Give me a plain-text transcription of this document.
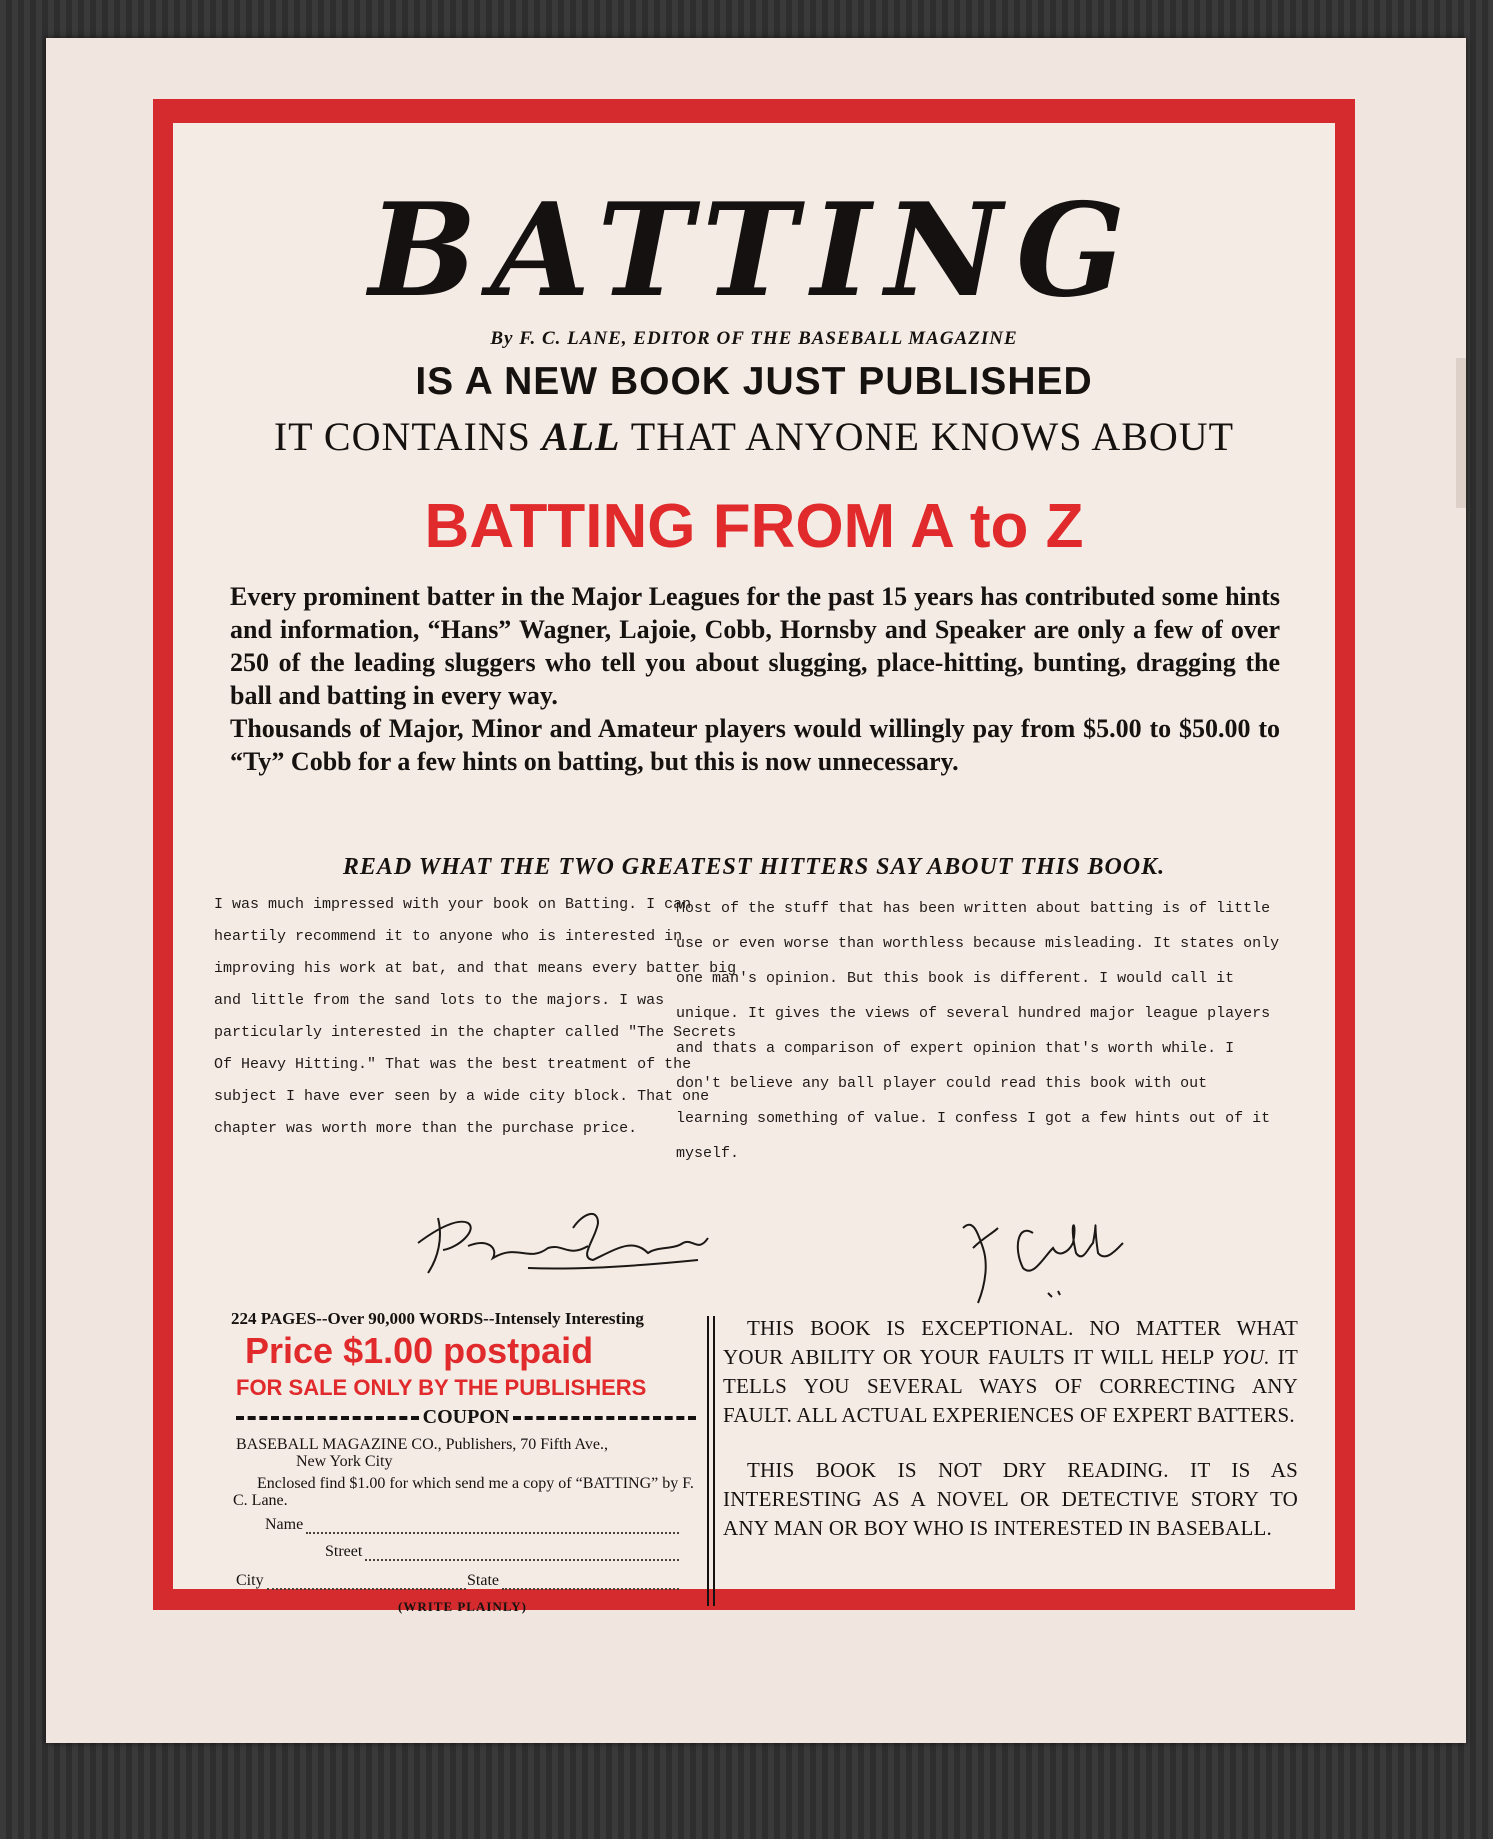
BATTING
By F. C. LANE, EDITOR OF THE BASEBALL MAGAZINE
IS A NEW BOOK JUST PUBLISHED
IT CONTAINS ALL THAT ANYONE KNOWS ABOUT
BATTING FROM A to Z

Every prominent batter in the Major Leagues for the past 15 years has contributed some hints and information, “Hans” Wagner, Lajoie, Cobb, Hornsby and Speaker are only a few of over 250 of the leading sluggers who tell you about slugging, place-hitting, bunting, dragging the ball and batting in every way.

Thousands of Major, Minor and Amateur players would willingly pay from $5.00 to $50.00 to “Ty” Cobb for a few hints on batting, but this is now unnecessary.

READ WHAT THE TWO GREATEST HITTERS SAY ABOUT THIS BOOK.
I was much impressed with your book on Batting. I can heartily recommend it to anyone who is interested in improving his work at bat, and that means every batter big and little from the sand lots to the majors. I was particularly interested in the chapter called "The Secrets Of Heavy Hitting." That was the best treatment of the subject I have ever seen by a wide city block. That one chapter was worth more than the purchase price.
Most of the stuff that has been written about batting is of little use or even worse than worthless because misleading. It states only one man's opinion. But this book is different. I would call it unique. It gives the views of several hundred major league players and thats a comparison of expert opinion that's worth while. I don't believe any ball player could read this book with out learning something of value. I confess I got a few hints out of it myself.
224 PAGES--Over 90,000 WORDS--Intensely Interesting
Price $1.00 postpaid
FOR SALE ONLY BY THE PUBLISHERS
COUPON
BASEBALL MAGAZINE CO., Publishers, 70 Fifth Ave.,
New York City
Enclosed find $1.00 for which send me a copy of “BATTING” by F. C. Lane.
Name
Street
City	State
(WRITE PLAINLY)

THIS BOOK IS EXCEPTIONAL. NO MATTER WHAT YOUR ABILITY OR YOUR FAULTS IT WILL HELP YOU. IT TELLS YOU SEVERAL WAYS OF CORRECTING ANY FAULT. ALL ACTUAL EXPERIENCES OF EXPERT BATTERS.

THIS BOOK IS NOT DRY READING. IT IS AS INTERESTING AS A NOVEL OR DETECTIVE STORY TO ANY MAN OR BOY WHO IS INTERESTED IN BASEBALL.
